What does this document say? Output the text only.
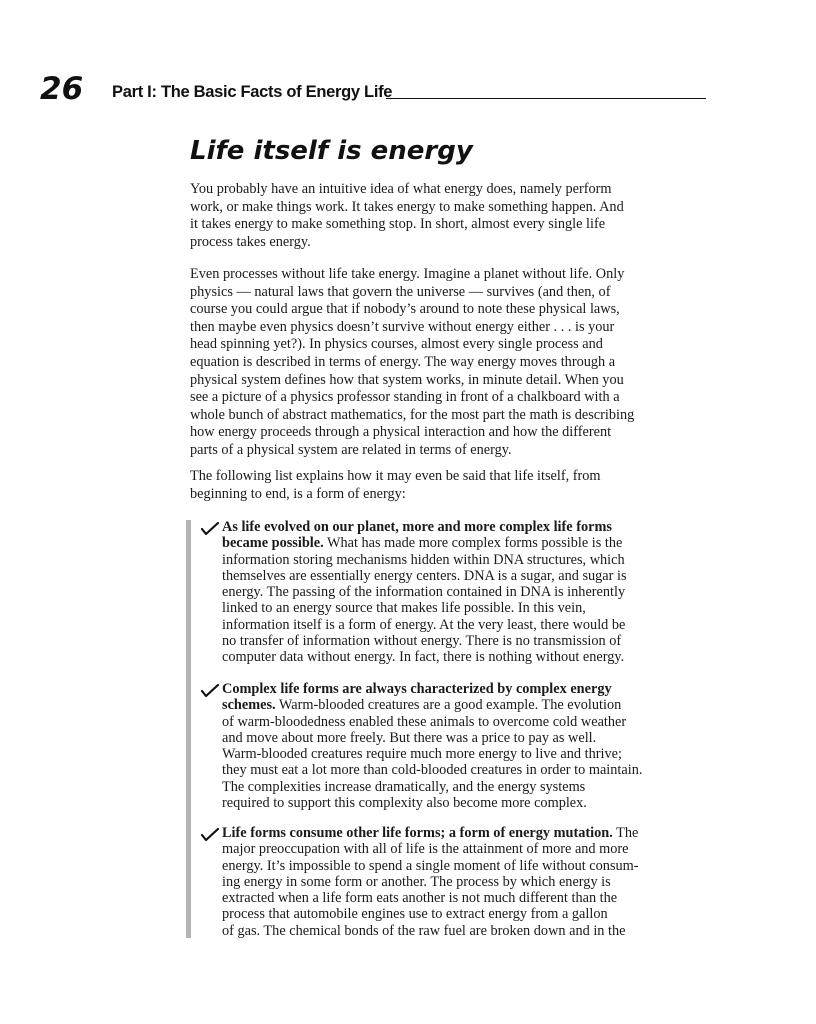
26 Part I: The Basic Facts of Energy Life
Life itself is energy
You probably have an intuitive idea of what energy does, namely perform
work, or make things work. It takes energy to make something happen. And
it takes energy to make something stop. In short, almost every single life
process takes energy.
Even processes without life take energy. Imagine a planet without life. Only
physics — natural laws that govern the universe — survives (and then, of
course you could argue that if nobody’s around to note these physical laws,
then maybe even physics doesn’t survive without energy either . . . is your
head spinning yet?). In physics courses, almost every single process and
equation is described in terms of energy. The way energy moves through a
physical system defines how that system works, in minute detail. When you
see a picture of a physics professor standing in front of a chalkboard with a
whole bunch of abstract mathematics, for the most part the math is describing
how energy proceeds through a physical interaction and how the different
parts of a physical system are related in terms of energy.
The following list explains how it may even be said that life itself, from
beginning to end, is a form of energy:
As life evolved on our planet, more and more complex life forms
became possible. What has made more complex forms possible is the
information storing mechanisms hidden within DNA structures, which
themselves are essentially energy centers. DNA is a sugar, and sugar is
energy. The passing of the information contained in DNA is inherently
linked to an energy source that makes life possible. In this vein,
information itself is a form of energy. At the very least, there would be
no transfer of information without energy. There is no transmission of
computer data without energy. In fact, there is nothing without energy.
Complex life forms are always characterized by complex energy
schemes. Warm-blooded creatures are a good example. The evolution
of warm-bloodedness enabled these animals to overcome cold weather
and move about more freely. But there was a price to pay as well.
Warm-blooded creatures require much more energy to live and thrive;
they must eat a lot more than cold-blooded creatures in order to maintain.
The complexities increase dramatically, and the energy systems
required to support this complexity also become more complex.
Life forms consume other life forms; a form of energy mutation. The
major preoccupation with all of life is the attainment of more and more
energy. It’s impossible to spend a single moment of life without consum-
ing energy in some form or another. The process by which energy is
extracted when a life form eats another is not much different than the
process that automobile engines use to extract energy from a gallon
of gas. The chemical bonds of the raw fuel are broken down and in the
